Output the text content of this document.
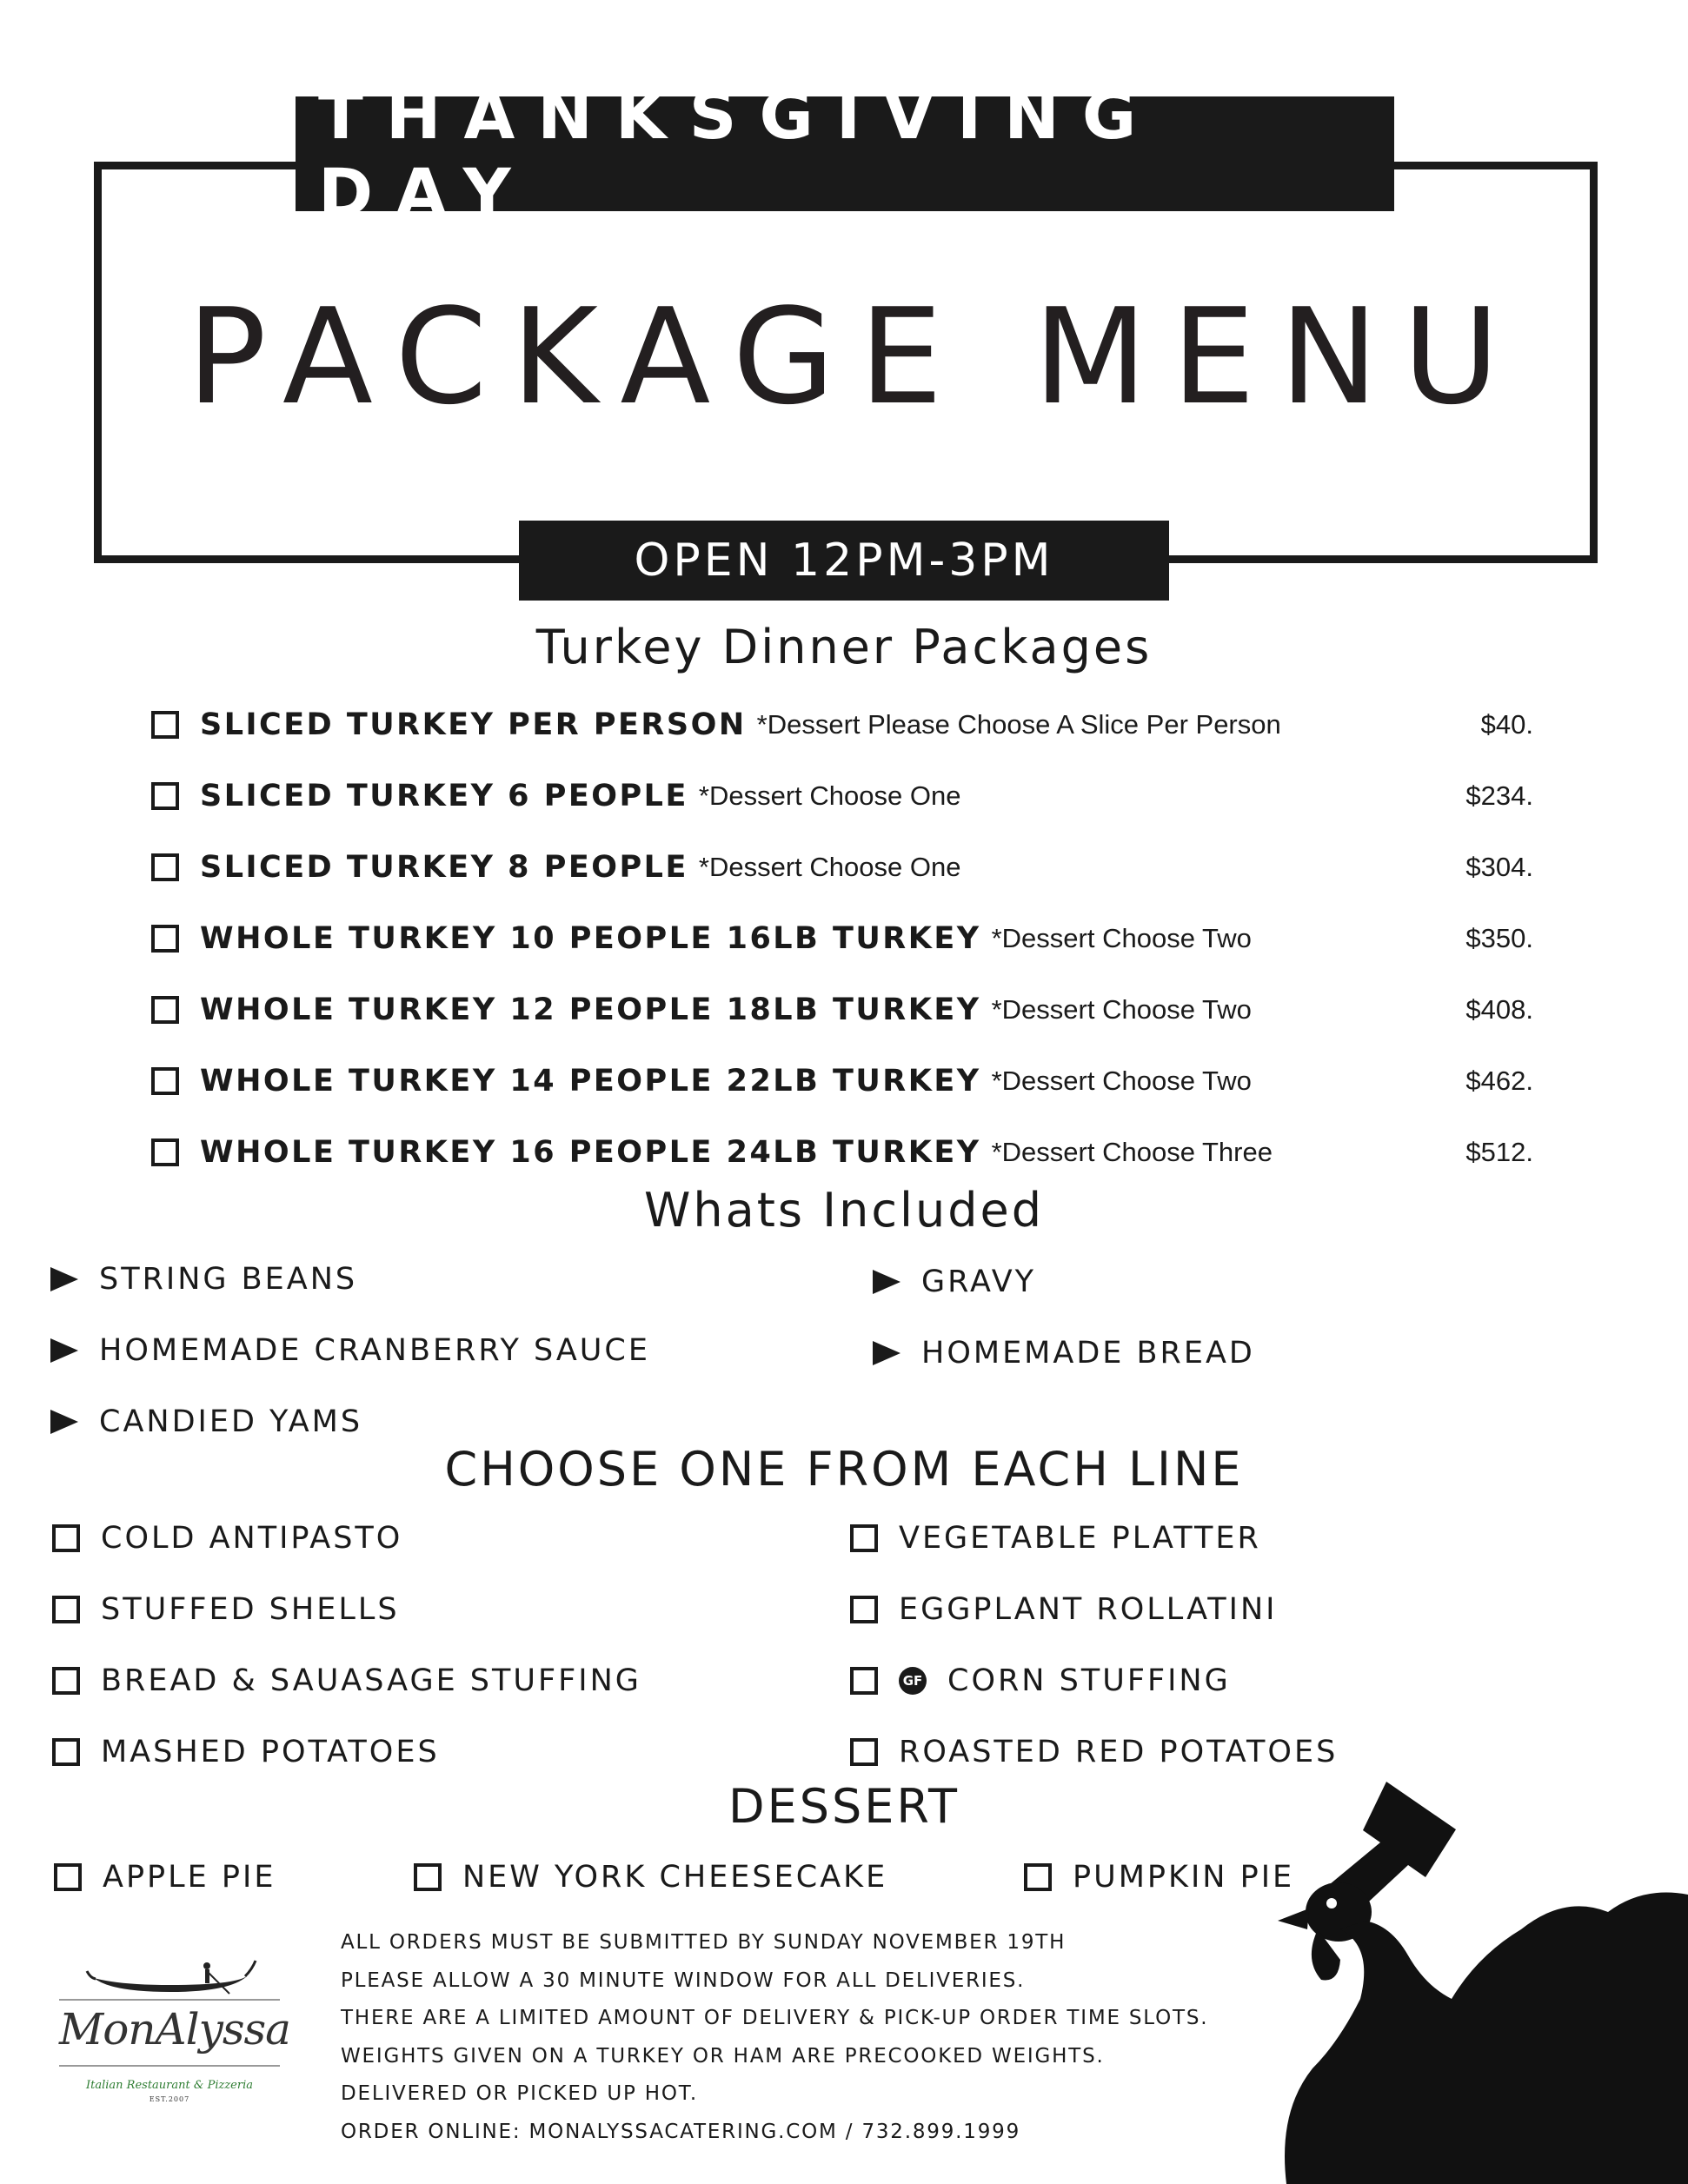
THANKSGIVING DAY
PACKAGE MENU
OPEN 12PM-3PM
Turkey Dinner Packages
SLICED TURKEY PER PERSON *Dessert Please Choose A Slice Per Person	$40.
SLICED TURKEY 6 PEOPLE *Dessert Choose One	$234.
SLICED TURKEY 8 PEOPLE *Dessert Choose One	$304.
WHOLE TURKEY 10 PEOPLE 16LB TURKEY *Dessert Choose Two	$350.
WHOLE TURKEY 12 PEOPLE 18LB TURKEY *Dessert Choose Two	$408.
WHOLE TURKEY 14 PEOPLE 22LB TURKEY *Dessert Choose Two	$462.
WHOLE TURKEY 16 PEOPLE 24LB TURKEY *Dessert Choose Three	$512.
Whats Included
STRING BEANS
HOMEMADE CRANBERRY SAUCE
CANDIED YAMS
GRAVY
HOMEMADE BREAD
CHOOSE ONE FROM EACH LINE
COLD ANTIPASTO
STUFFED SHELLS
BREAD & SAUASAGE STUFFING
MASHED POTATOES
VEGETABLE PLATTER
EGGPLANT ROLLATINI
GF CORN STUFFING
ROASTED RED POTATOES
DESSERT
APPLE PIE	NEW YORK CHEESECAKE	PUMPKIN PIE
ALL ORDERS MUST BE SUBMITTED BY SUNDAY NOVEMBER 19TH
PLEASE ALLOW A 30 MINUTE WINDOW FOR ALL DELIVERIES.
THERE ARE A LIMITED AMOUNT OF DELIVERY & PICK-UP ORDER TIME SLOTS.
WEIGHTS GIVEN ON A TURKEY OR HAM ARE PRECOOKED WEIGHTS.
DELIVERED OR PICKED UP HOT.
ORDER ONLINE: MONALYSSACATERING.COM / 732.899.1999
MonAlyssa
Italian Restaurant & Pizzeria
EST.2007
